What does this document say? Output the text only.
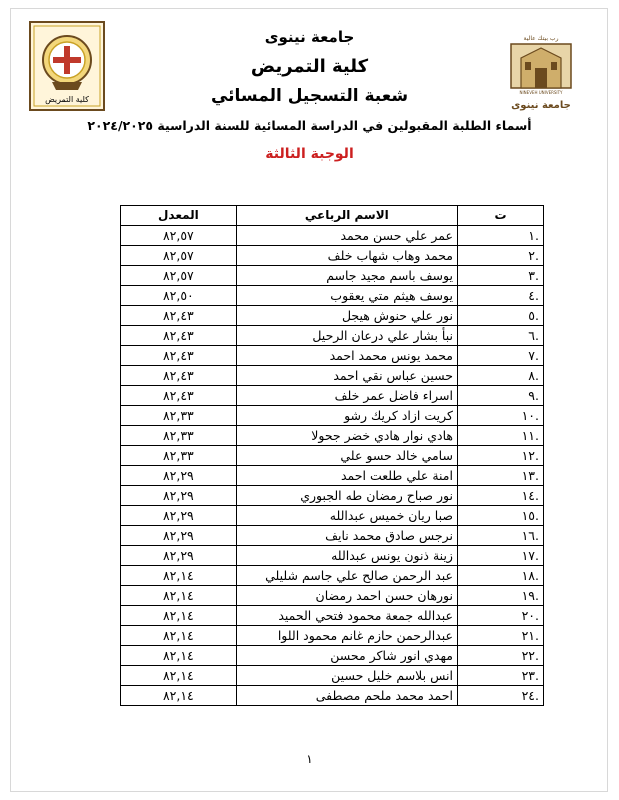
كلية التمريض
رب بيتك عالية
NINEVEH UNIVERSITY
جامعة نينوى
جامعة نينوى
كلية التمريض
شعبة التسجيل المسائي
أسماء الطلبة المقبولين في الدراسة المسائية للسنة الدراسية ٢٠٢٤/٢٠٢٥
الوجبة الثالثة
ت	الاسم الرباعي	المعدل
.١	عمر علي حسن محمد	٨٢,٥٧
.٢	محمد وهاب شهاب خلف	٨٢,٥٧
.٣	يوسف باسم مجيد جاسم	٨٢,٥٧
.٤	يوسف هيثم متي يعقوب	٨٢,٥٠
.٥	نور علي حنوش هيجل	٨٢,٤٣
.٦	نبأ بشار علي درعان الرحيل	٨٢,٤٣
.٧	محمد يونس محمد احمد	٨٢,٤٣
.٨	حسين عباس نقي احمد	٨٢,٤٣
.٩	اسراء فاضل عمر خلف	٨٢,٤٣
.١٠	كريت ازاد كريك رشو	٨٢,٣٣
.١١	هادي نوار هادي خضر جحولا	٨٢,٣٣
.١٢	سامي خالد حسو علي	٨٢,٣٣
.١٣	امنة علي طلعت احمد	٨٢,٢٩
.١٤	نور صباح رمضان طه الجبوري	٨٢,٢٩
.١٥	صبا ريان خميس عبدالله	٨٢,٢٩
.١٦	نرجس صادق محمد نايف	٨٢,٢٩
.١٧	زينة ذنون يونس عبدالله	٨٢,٢٩
.١٨	عبد الرحمن صالح علي جاسم شليلي	٨٢,١٤
.١٩	نورهان حسن احمد رمضان	٨٢,١٤
.٢٠	عبدالله جمعة محمود فتحي الحميد	٨٢,١٤
.٢١	عبدالرحمن حازم غانم محمود اللوا	٨٢,١٤
.٢٢	مهدي انور شاكر محسن	٨٢,١٤
.٢٣	انس بلاسم خليل حسين	٨٢,١٤
.٢٤	احمد محمد ملحم مصطفى	٨٢,١٤
١
